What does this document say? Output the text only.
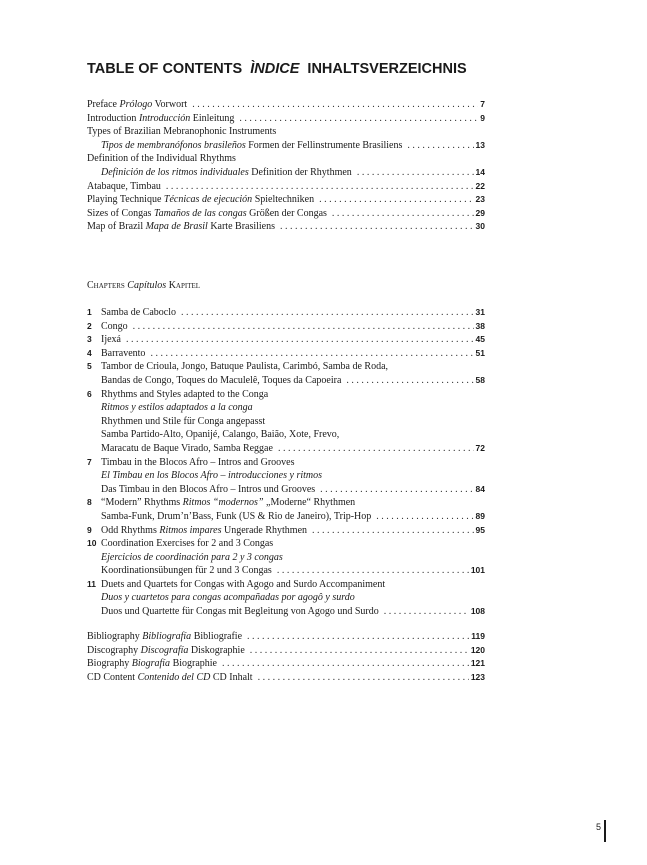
TABLE OF CONTENTS ÌNDICE INHALTSVERZEICHNIS
Preface Prólogo Vorwort . . .	7
Introduction Introducción Einleitung . . .	9
Types of Brazilian Mebranophonic Instruments
Tipos de membranófonos brasileños Formen der Fellinstrumente Brasiliens . . .	13
Definition of the Individual Rhythms
Definición de los ritmos individuales Definition der Rhythmen . . .	14
Atabaque, Timbau . . .	22
Playing Technique Técnicas de ejecución Spieltechniken . . .	23
Sizes of Congas Tamaños de las congas Größen der Congas . . .	29
Map of Brazil Mapa de Brasil Karte Brasiliens . . .	30
Chapters Capítulos Kapitel
1 Samba de Caboclo . . .	31
2 Congo . . .	38
3 Ijexá . . .	45
4 Barravento . . .	51
5 Tambor de Crioula, Jongo, Batuque Paulista, Carimbó, Samba de Roda,
Bandas de Congo, Toques do Maculelê, Toques da Capoeira . . .	58
6 Rhythms and Styles adapted to the Conga
Ritmos y estilos adaptados a la conga
Rhythmen und Stile für Conga angepasst
Samba Partido-Alto, Opanijé, Calango, Baião, Xote, Frevo,
Maracatu de Baque Virado, Samba Reggae . . .	72
7 Timbau in the Blocos Afro – Intros and Grooves
El Timbau en los Blocos Afro – introducciones y ritmos
Das Timbau in den Blocos Afro – Intros und Grooves . . .	84
8 “Modern” Rhythms Ritmos “modernos” „Moderne“ Rhythmen
Samba-Funk, Drum’n’Bass, Funk (US & Rio de Janeiro), Trip-Hop . . .	89
9 Odd Rhythms Ritmos impares Ungerade Rhythmen . . .	95
10 Coordination Exercises for 2 and 3 Congas
Ejercicios de coordinación para 2 y 3 congas
Koordinationsübungen für 2 und 3 Congas . . .	101
11 Duets and Quartets for Congas with Agogo and Surdo Accompaniment
Duos y cuartetos para congas acompañadas por agogô y surdo
Duos und Quartette für Congas mit Begleitung von Agogo und Surdo . . .	108
Bibliography Bibliografía Bibliografie . . .	119
Discography Discografía Diskographie . . .	120
Biography Biografía Biographie . . .	121
CD Content Contenido del CD CD Inhalt . . .	123
5
